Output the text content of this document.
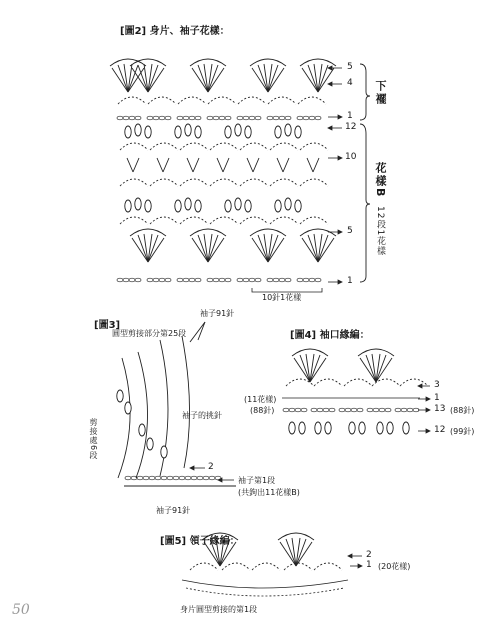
[圖2] 身片、袖子花樣：
5
4
1
12
10
5
1
下襬
花樣B
12段1花樣
10針1花樣
[圖3]
袖子91針
圓型剪接部分第25段
袖子的挑針
剪接處6段
2
袖子第1段
(共鉤出11花樣B)
袖子91針
[圖4] 袖口緣編：
(11花樣)
(88針)
3
1
13 (88針)
12 (99針)
[圖5] 領子緣編：
2
1 (20花樣)
身片圓型剪接的第1段
50
